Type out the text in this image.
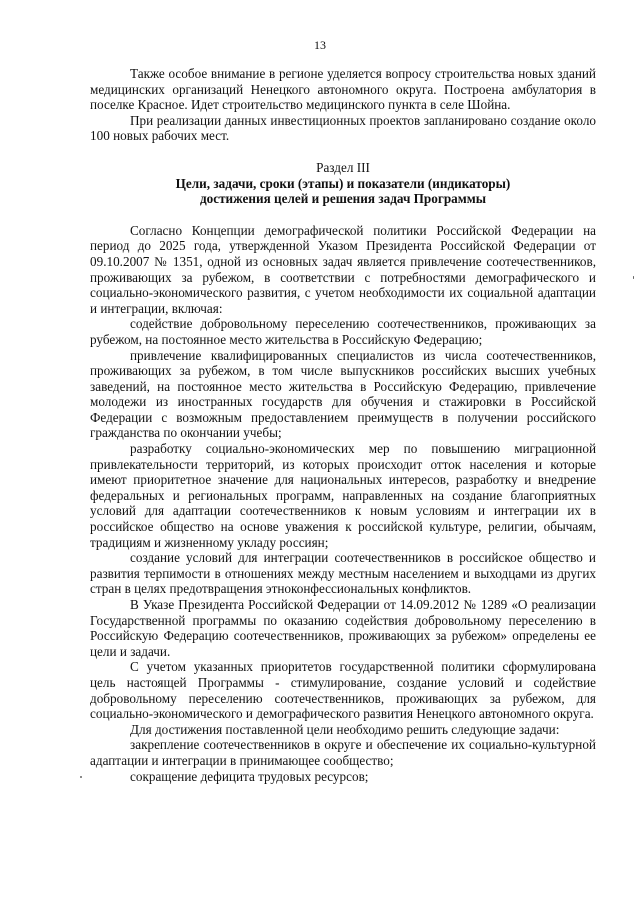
13

Также особое внимание в регионе уделяется вопросу строительства новых зданий медицинских организаций Ненецкого автономного округа. Построена амбулатория в поселке Красное. Идет строительство медицинского пункта в селе Шойна.

При реализации данных инвестиционных проектов запланировано создание около 100 новых рабочих мест.

Раздел III

Цели, задачи, сроки (этапы) и показатели (индикаторы)
достижения целей и решения задач Программы

Согласно Концепции демографической политики Российской Федерации на период до 2025 года, утвержденной Указом Президента Российской Федерации от 09.10.2007 № 1351, одной из основных задач является привлечение соотечественников, проживающих за рубежом, в соответствии с потребностями демографического и социально-экономического развития, с учетом необходимости их социальной адаптации и интеграции, включая:

содействие добровольному переселению соотечественников, проживающих за рубежом, на постоянное место жительства в Российскую Федерацию;

привлечение квалифицированных специалистов из числа соотечественников, проживающих за рубежом, в том числе выпускников российских высших учебных заведений, на постоянное место жительства в Российскую Федерацию, привлечение молодежи из иностранных государств для обучения и стажировки в Российской Федерации с возможным предоставлением преимуществ в получении российского гражданства по окончании учебы;

разработку социально-экономических мер по повышению миграционной привлекательности территорий, из которых происходит отток населения и которые имеют приоритетное значение для национальных интересов, разработку и внедрение федеральных и региональных программ, направленных на создание благоприятных условий для адаптации соотечественников к новым условиям и интеграции их в российское общество на основе уважения к российской культуре, религии, обычаям, традициям и жизненному укладу россиян;

создание условий для интеграции соотечественников в российское общество и развития терпимости в отношениях между местным населением и выходцами из других стран в целях предотвращения этноконфессиональных конфликтов.

В Указе Президента Российской Федерации от 14.09.2012 № 1289 «О реализации Государственной программы по оказанию содействия добровольному переселению в Российскую Федерацию соотечественников, проживающих за рубежом» определены ее цели и задачи.

С учетом указанных приоритетов государственной политики сформулирована цель настоящей Программы - стимулирование, создание условий и содействие добровольному переселению соотечественников, проживающих за рубежом, для социально-экономического и демографического развития Ненецкого автономного округа.

Для достижения поставленной цели необходимо решить следующие задачи:

закрепление соотечественников в округе и обеспечение их социально-культурной адаптации и интеграции в принимающее сообщество;

сокращение дефицита трудовых ресурсов;
